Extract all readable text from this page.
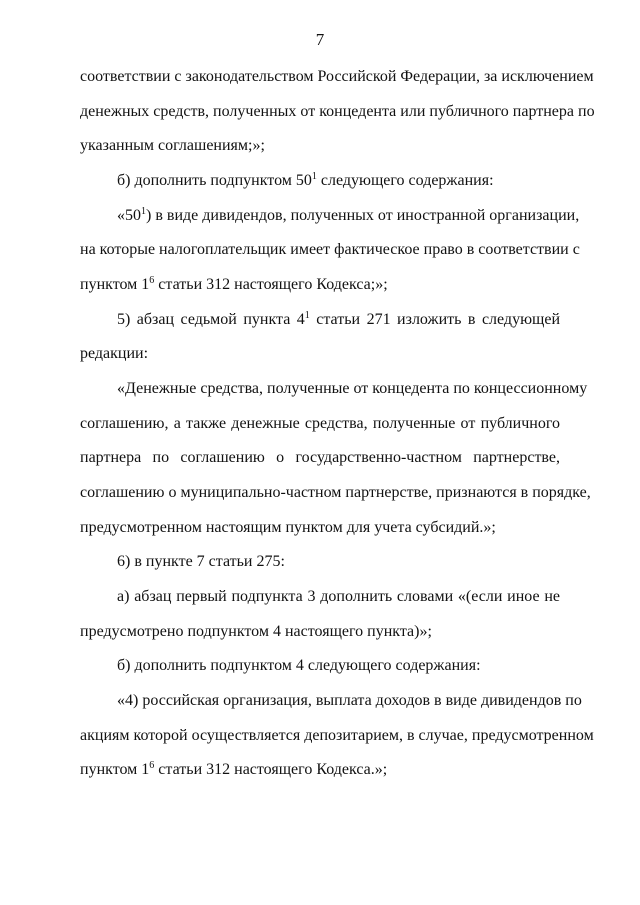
7
соответствии с законодательством Российской Федерации, за исключением
денежных средств, полученных от концедента или публичного партнера по
указанным соглашениям;»;
б) дополнить подпунктом $50^1$ следующего содержания:
«$50^1$) в виде дивидендов, полученных от иностранной организации,
на которые налогоплательщик имеет фактическое право в соответствии с
пунктом $1^6$ статьи 312 настоящего Кодекса;»;
5) абзац седьмой пункта $4^1$ статьи 271 изложить в следующей
редакции:
«Денежные средства, полученные от концедента по концессионному
соглашению, а также денежные средства, полученные от публичного
партнера по соглашению о государственно-частном партнерстве,
соглашению о муниципально-частном партнерстве, признаются в порядке,
предусмотренном настоящим пунктом для учета субсидий.»;
6) в пункте 7 статьи 275:
а) абзац первый подпункта 3 дополнить словами «(если иное не
предусмотрено подпунктом 4 настоящего пункта)»;
б) дополнить подпунктом 4 следующего содержания:
«4) российская организация, выплата доходов в виде дивидендов по
акциям которой осуществляется депозитарием, в случае, предусмотренном
пунктом $1^6$ статьи 312 настоящего Кодекса.»;
